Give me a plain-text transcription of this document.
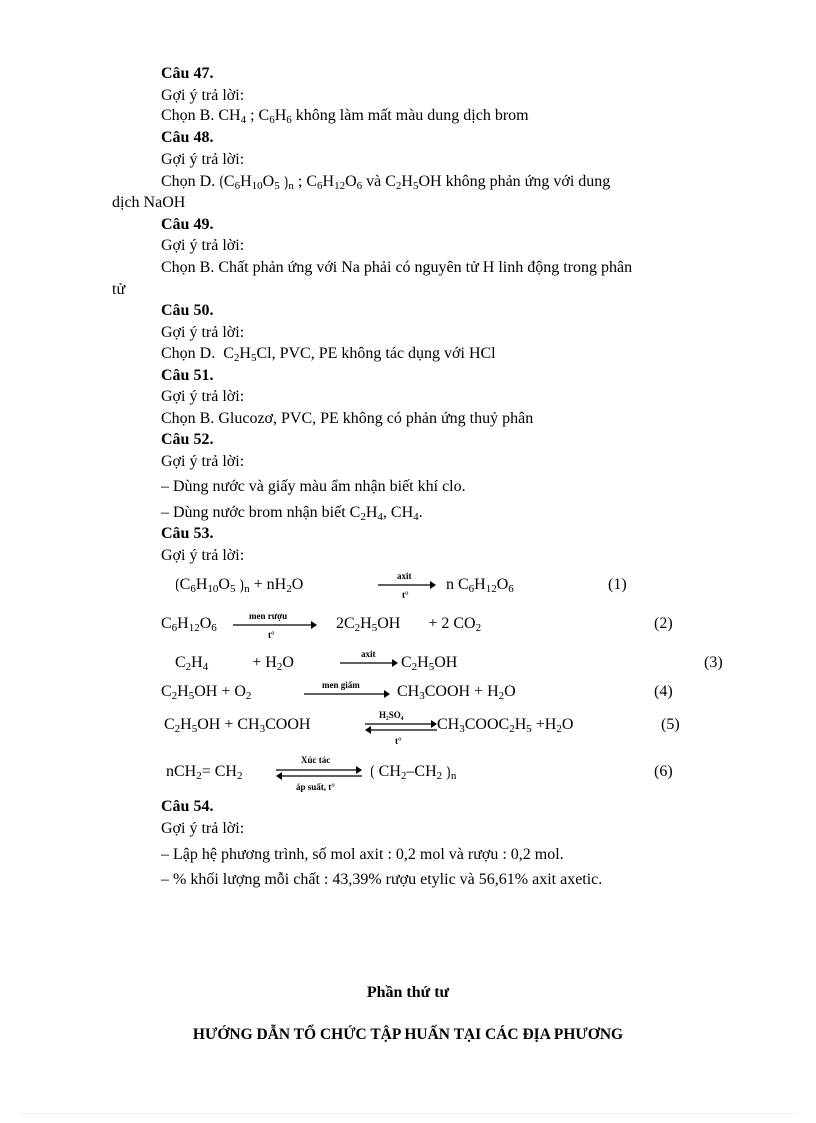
Câu 47.
Gợi ý trả lời:
Chọn B. $CH_4$ ; $C_6H_6$ không làm mất màu dung dịch brom
Câu 48.
Gợi ý trả lời:
Chọn D. $⟮C_6H_{10}O_5$ $⟯_n$ ; $C_6H_{12}O_6$ và $C_2H_5OH$ không phản ứng với dung
dịch NaOH
Câu 49.
Gợi ý trả lời:
Chọn B. Chất phản ứng với Na phải có nguyên tử H linh động trong phân
tử
Câu 50.
Gợi ý trả lời:
Chọn D.  $C_2H_5Cl$, PVC, PE không tác dụng với HCl
Câu 51.
Gợi ý trả lời:
Chọn B. Glucozơ, PVC, PE không có phản ứng thuỷ phân
Câu 52.
Gợi ý trả lời:
– Dùng nước và giấy màu ẩm nhận biết khí clo.
– Dùng nước brom nhận biết $C_2H_4$, $CH_4$.
Câu 53.
Gợi ý trả lời:
$⟮C_6H_{10}O_5$ $⟯_n + nH_2O$	axit
t°
n $C_6H_{12}O_6$	(1)
$C_6H_{12}O_6$
men rượu
t°
$2C_2H_5OH + 2$ $CO_2$	(2)
$C_2H_4$	+ $H_2O$	axit → $C_2H_5OH$	(3)
$C_2H_5OH + O_2$
men giấm $CH_3COOH + H_2O$	(4)
$C_2H_5OH$ + $CH_3COOH$
H₂SO₄
t°
$CH_3COOC_2H_5 +H_2O$	(5)
$nCH_2= CH_2$
Xúc tác
áp suất, t°
⟮ $CH_2-CH_2$ $⟯_n$	(6)
Câu 54.
Gợi ý trả lời:
– Lập hệ phương trình, số mol axit : 0,2 mol và rượu : 0,2 mol.
– % khối lượng mỗi chất : 43,39% rượu etylic và 56,61% axit axetic.
Phần thứ tư
HƯỚNG DẪN TỔ CHỨC TẬP HUẤN TẠI CÁC ĐỊA PHƯƠNG
